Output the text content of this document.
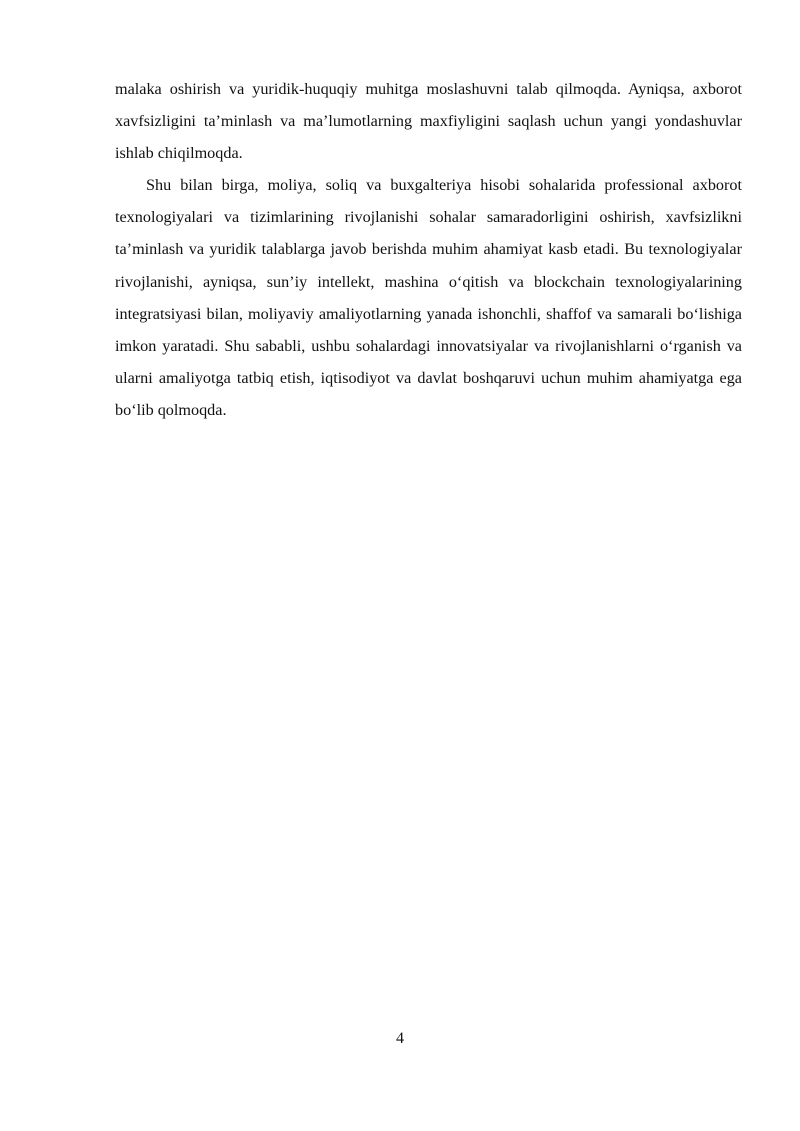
malaka oshirish va yuridik-huquqiy muhitga moslashuvni talab qilmoqda. Ayniqsa, axborot xavfsizligini ta’minlash va ma’lumotlarning maxfiyligini saqlash uchun yangi yondashuvlar ishlab chiqilmoqda.

Shu bilan birga, moliya, soliq va buxgalteriya hisobi sohalarida professional axborot texnologiyalari va tizimlarining rivojlanishi sohalar samaradorligini oshirish, xavfsizlikni ta’minlash va yuridik talablarga javob berishda muhim ahamiyat kasb etadi. Bu texnologiyalar rivojlanishi, ayniqsa, sun’iy intellekt, mashina o‘qitish va blockchain texnologiyalarining integratsiyasi bilan, moliyaviy amaliyotlarning yanada ishonchli, shaffof va samarali bo‘lishiga imkon yaratadi. Shu sababli, ushbu sohalardagi innovatsiyalar va rivojlanishlarni o‘rganish va ularni amaliyotga tatbiq etish, iqtisodiyot va davlat boshqaruvi uchun muhim ahamiyatga ega bo‘lib qolmoqda.

4
